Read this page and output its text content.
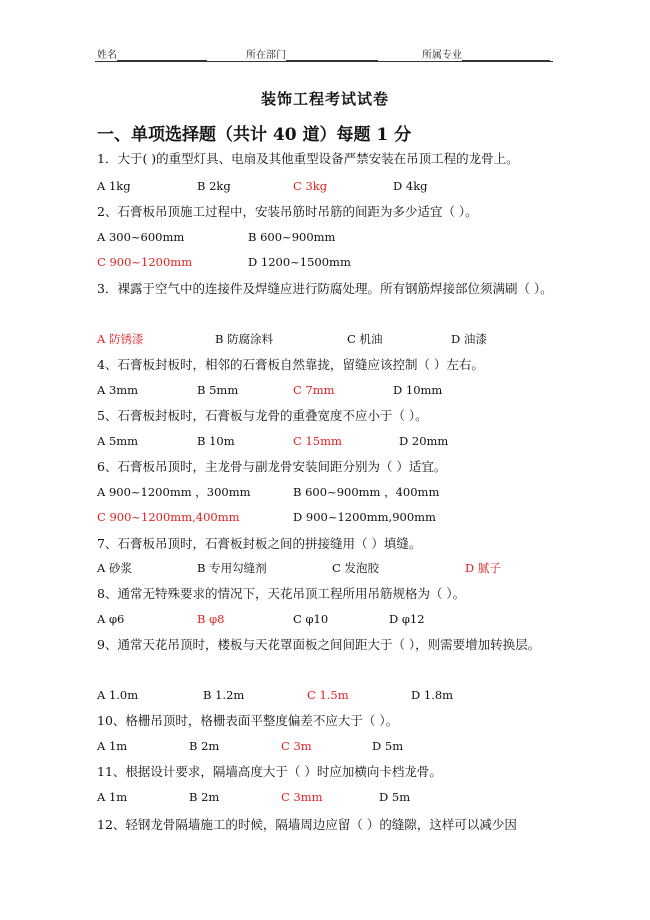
姓名	所在部门	所属专业
装饰工程考试试卷
一、单项选择题（共计 40 道）每题 1 分
1．大于( )的重型灯具、电扇及其他重型设备严禁安装在吊顶工程的龙骨上。
A 1kg	B 2kg	C 3kg	D 4kg
2、石膏板吊顶施工过程中，安装吊筋时吊筋的间距为多少适宜（ ）。
A 300~600mm	B 600~900mm
C 900~1200mm	D 1200~1500mm
3．裸露于空气中的连接件及焊缝应进行防腐处理。所有钢筋焊接部位须满刷（ ）。
A 防锈漆	B 防腐涂料	C 机油	D 油漆
4、石膏板封板时，相邻的石膏板自然靠拢，留缝应该控制（ ）左右。
A 3mm	B 5mm	C 7mm	D 10mm
5、石膏板封板时，石膏板与龙骨的重叠宽度不应小于（ ）。
A 5mm	B 10m	C 15mm	D 20mm
6、石膏板吊顶时，主龙骨与副龙骨安装间距分别为（ ）适宜。
A 900~1200mm ，300mm	B 600~900mm ，400mm
C 900~1200mm,400mm	D 900~1200mm,900mm
7、石膏板吊顶时，石膏板封板之间的拼接缝用（ ）填缝。
A 砂浆	B 专用勾缝剂	C 发泡胶	D 腻子
8、通常无特殊要求的情况下，天花吊顶工程所用吊筋规格为（ ）。
A φ6	B φ8	C φ10	D φ12
9、通常天花吊顶时，楼板与天花罩面板之间间距大于（ ），则需要增加转换层。
A 1.0m	B 1.2m	C 1.5m	D 1.8m
10、格栅吊顶时，格栅表面平整度偏差不应大于（ ）。
A 1m	B 2m	C 3m	D 5m
11、根据设计要求，隔墙高度大于（ ）时应加横向卡档龙骨。
A 1m	B 2m	C 3mm	D 5m
12、轻钢龙骨隔墙施工的时候，隔墙周边应留（ ）的缝隙，这样可以减少因
